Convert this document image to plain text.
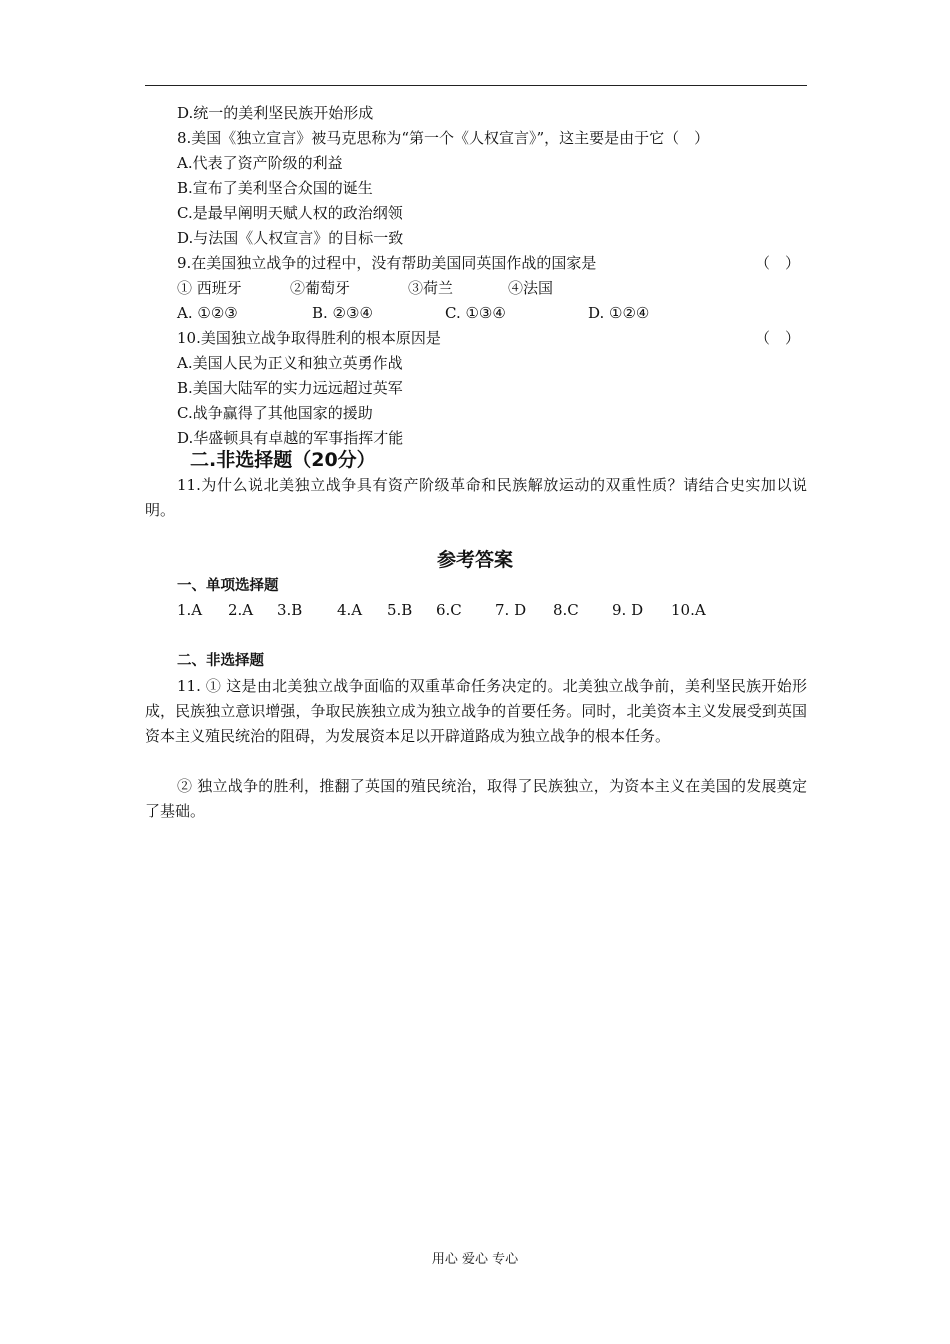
D.统一的美利坚民族开始形成
8.美国《独立宣言》被马克思称为“第一个《人权宣言》”，这主要是由于它（　）
A.代表了资产阶级的利益
B.宣布了美利坚合众国的诞生
C.是最早阐明天赋人权的政治纲领
D.与法国《人权宣言》的目标一致
9.在美国独立战争的过程中，没有帮助美国同英国作战的国家是	（　）
① 西班牙	②葡萄牙	③荷兰	④法国
A. ①②③	B. ②③④	C. ①③④	D. ①②④
10.美国独立战争取得胜利的根本原因是	（　）
A.美国人民为正义和独立英勇作战
B.美国大陆军的实力远远超过英军
C.战争赢得了其他国家的援助
D.华盛顿具有卓越的军事指挥才能
二.非选择题（20分）
11.为什么说北美独立战争具有资产阶级革命和民族解放运动的双重性质？请结合史实加以说明。
参考答案
一、单项选择题
1.A 2.A 3.B 4.A 5.B 6.C 7. D 8.C 9. D 10.A
二、非选择题
11. ① 这是由北美独立战争面临的双重革命任务决定的。北美独立战争前，美利坚民族开始形成，民族独立意识增强，争取民族独立成为独立战争的首要任务。同时，北美资本主义发展受到英国资本主义殖民统治的阻碍，为发展资本足以开辟道路成为独立战争的根本任务。
② 独立战争的胜利，推翻了英国的殖民统治，取得了民族独立，为资本主义在美国的发展奠定了基础。
用心 爱心 专心
